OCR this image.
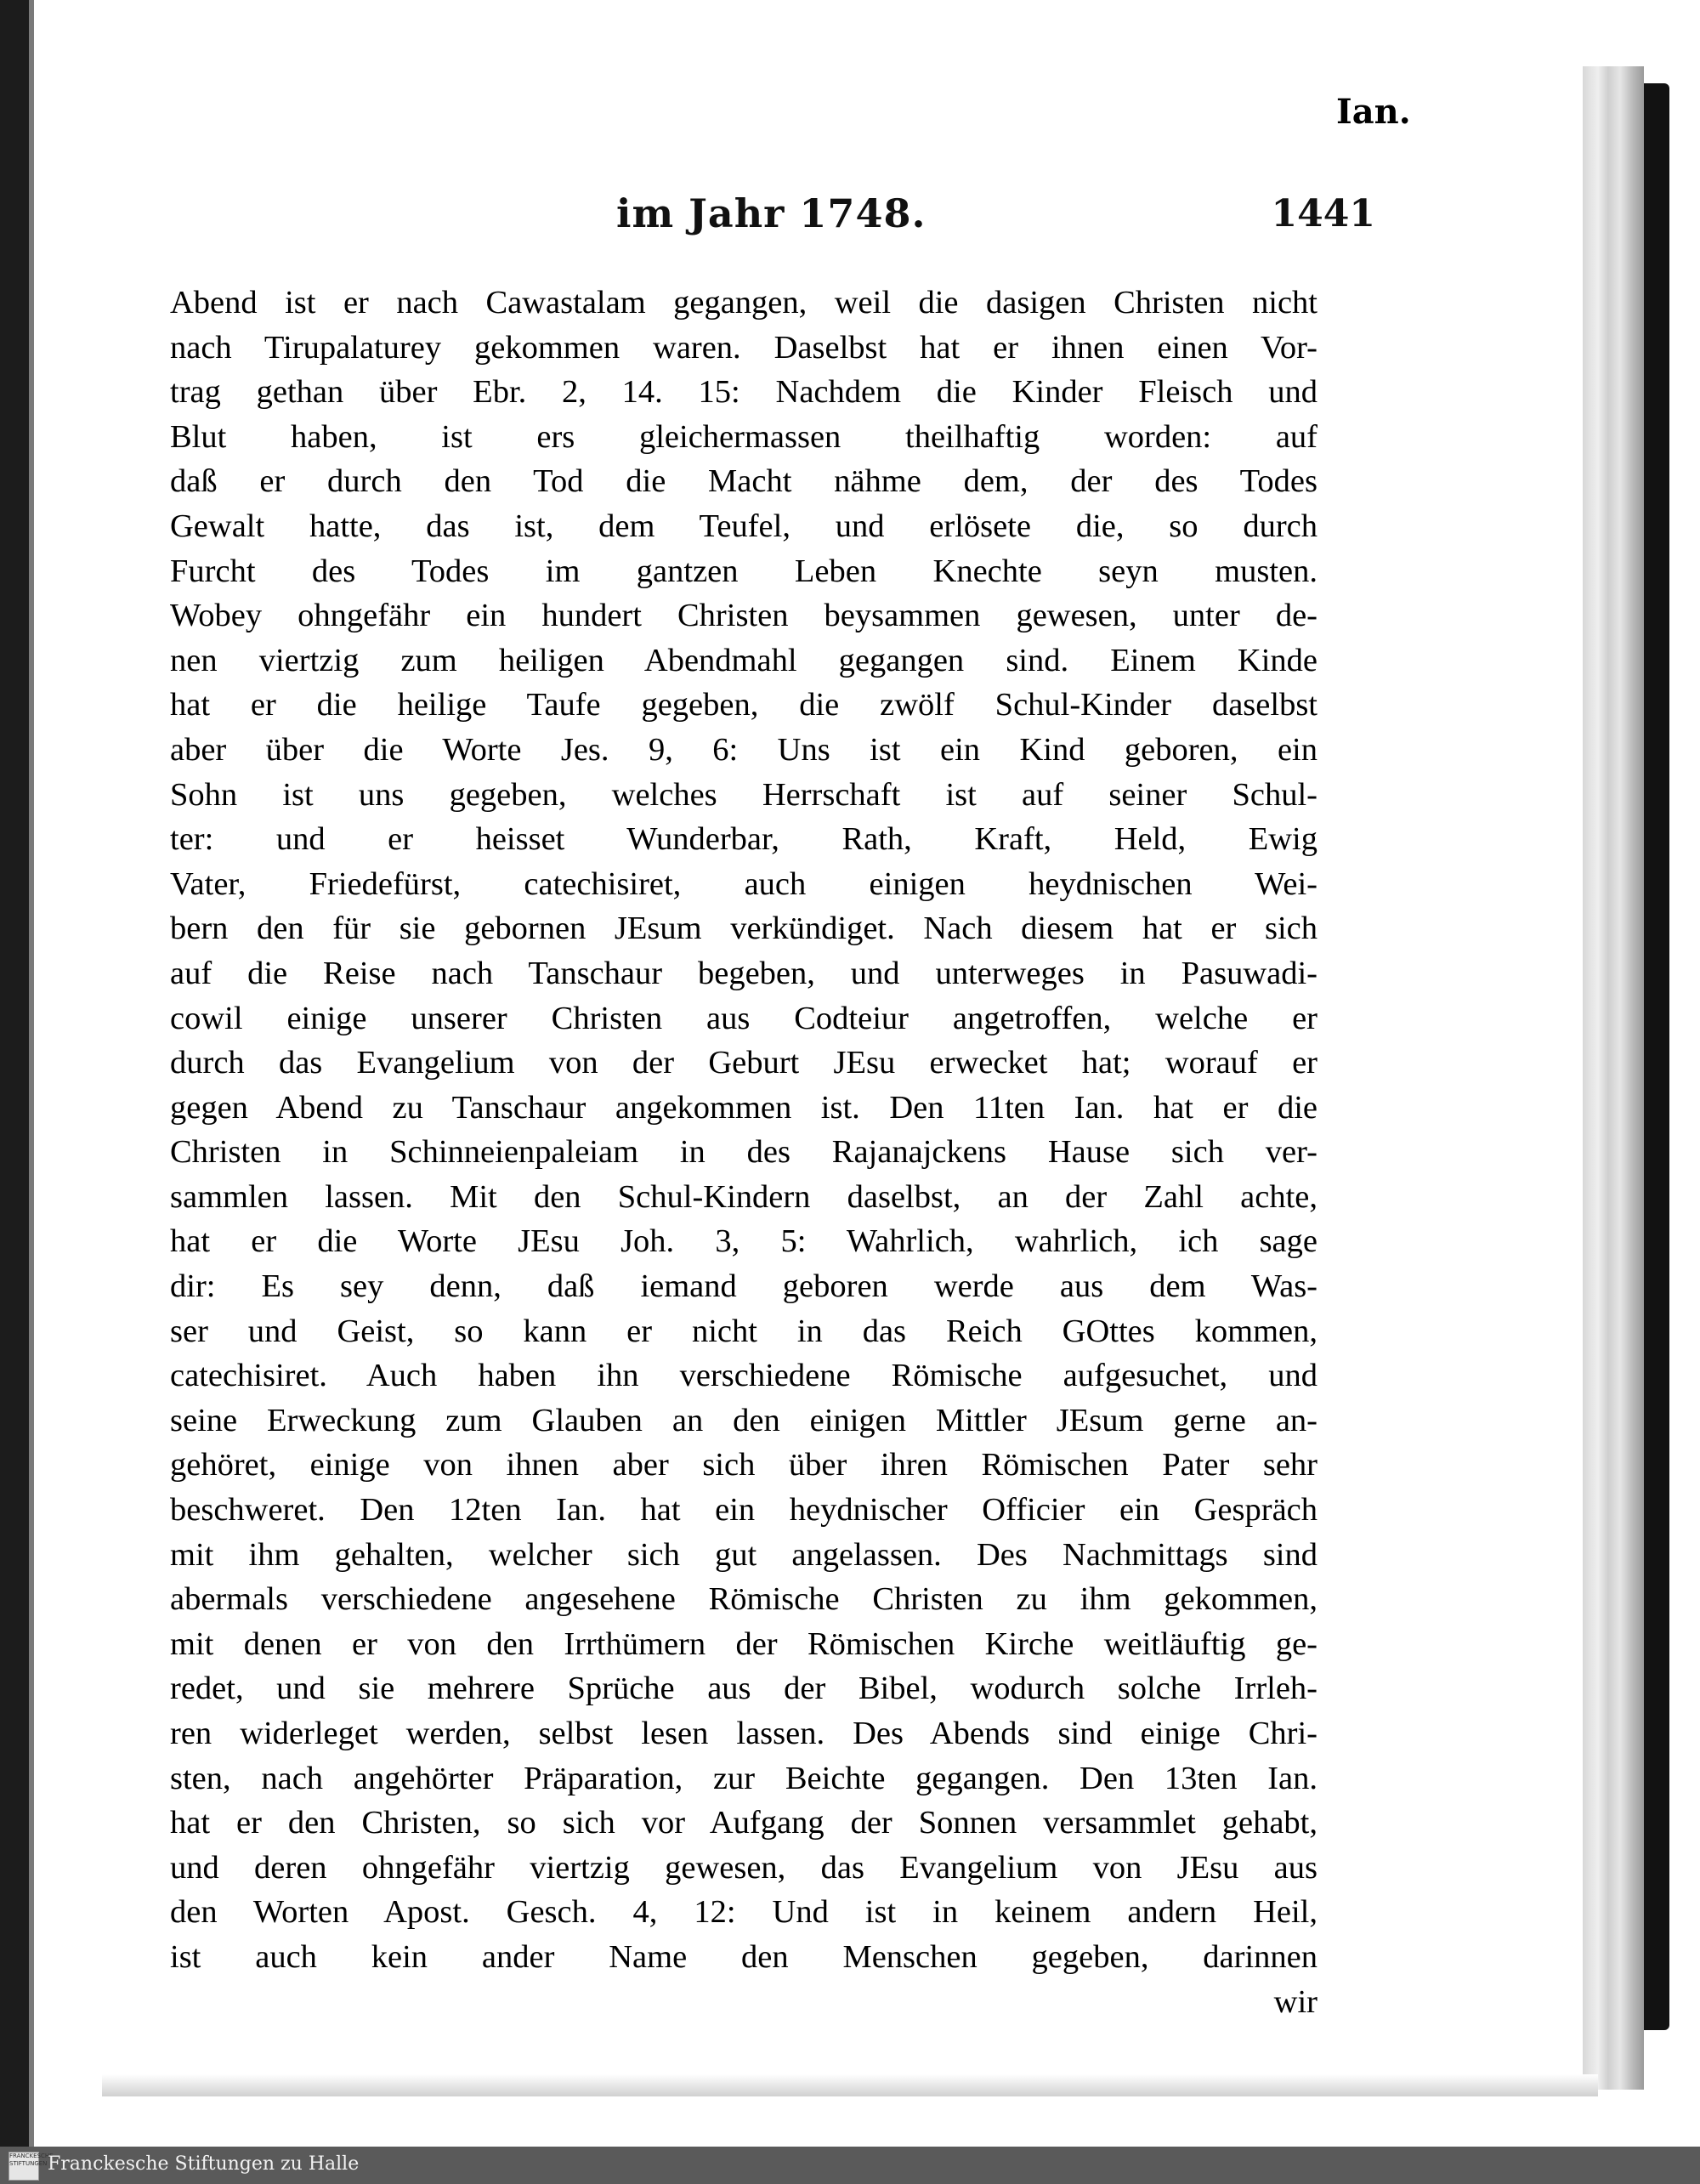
im Jahr 1748.	1441
Ian.
Abend ist er nach Cawastalam gegangen, weil die dasigen Christen nicht
nach Tirupalaturey gekommen waren. Daselbst hat er ihnen einen Vor-
trag gethan über Ebr. 2, 14. 15: Nachdem die Kinder Fleisch und
Blut haben, ist ers gleichermassen theilhaftig worden: auf
daß er durch den Tod die Macht nähme dem, der des Todes
Gewalt hatte, das ist, dem Teufel, und erlösete die, so durch
Furcht des Todes im gantzen Leben Knechte seyn musten.
Wobey ohngefähr ein hundert Christen beysammen gewesen, unter de-
nen viertzig zum heiligen Abendmahl gegangen sind. Einem Kinde
hat er die heilige Taufe gegeben, die zwölf Schul-Kinder daselbst
aber über die Worte Jes. 9, 6: Uns ist ein Kind geboren, ein
Sohn ist uns gegeben, welches Herrschaft ist auf seiner Schul-
ter: und er heisset Wunderbar, Rath, Kraft, Held, Ewig
Vater, Friedefürst, catechisiret, auch einigen heydnischen Wei-
bern den für sie gebornen JEsum verkündiget. Nach diesem hat er sich
auf die Reise nach Tanschaur begeben, und unterweges in Pasuwadi-
cowil einige unserer Christen aus Codteiur angetroffen, welche er
durch das Evangelium von der Geburt JEsu erwecket hat; worauf er
gegen Abend zu Tanschaur angekommen ist. Den 11ten Ian. hat er die
Christen in Schinneienpaleiam in des Rajanajckens Hause sich ver-
sammlen lassen. Mit den Schul-Kindern daselbst, an der Zahl achte,
hat er die Worte JEsu Joh. 3, 5: Wahrlich, wahrlich, ich sage
dir: Es sey denn, daß iemand geboren werde aus dem Was-
ser und Geist, so kann er nicht in das Reich GOttes kommen,
catechisiret. Auch haben ihn verschiedene Römische aufgesuchet, und
seine Erweckung zum Glauben an den einigen Mittler JEsum gerne an-
gehöret, einige von ihnen aber sich über ihren Römischen Pater sehr
beschweret. Den 12ten Ian. hat ein heydnischer Officier ein Gespräch
mit ihm gehalten, welcher sich gut angelassen. Des Nachmittags sind
abermals verschiedene angesehene Römische Christen zu ihm gekommen,
mit denen er von den Irrthümern der Römischen Kirche weitläuftig ge-
redet, und sie mehrere Sprüche aus der Bibel, wodurch solche Irrleh-
ren widerleget werden, selbst lesen lassen. Des Abends sind einige Chri-
sten, nach angehörter Präparation, zur Beichte gegangen. Den 13ten Ian.
hat er den Christen, so sich vor Aufgang der Sonnen versammlet gehabt,
und deren ohngefähr viertzig gewesen, das Evangelium von JEsu aus
den Worten Apost. Gesch. 4, 12: Und ist in keinem andern Heil,
ist auch kein ander Name den Menschen gegeben, darinnen
wir
FRANCKESCHE STIFTUNGEN Franckesche Stiftungen zu Halle
